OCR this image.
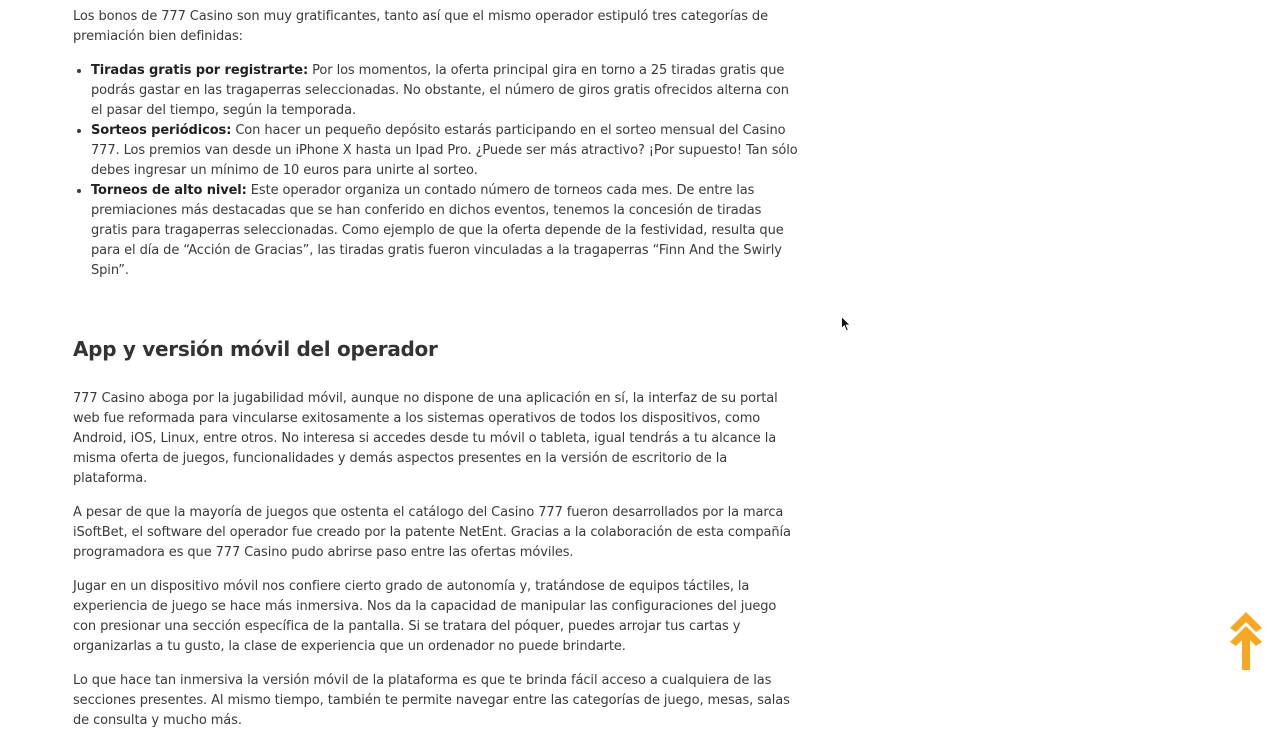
Los bonos de 777 Casino son muy gratificantes, tanto así que el mismo operador estipuló tres categorías de
premiación bien definidas:

• Tiradas gratis por registrarte: Por los momentos, la oferta principal gira en torno a 25 tiradas gratis que podrás gastar en las tragaperras seleccionadas. No obstante, el número de giros gratis ofrecidos alterna con el pasar del tiempo, según la temporada.
• Sorteos periódicos: Con hacer un pequeño depósito estarás participando en el sorteo mensual del Casino 777. Los premios van desde un iPhone X hasta un Ipad Pro. ¿Puede ser más atractivo? ¡Por supuesto! Tan sólo debes ingresar un mínimo de 10 euros para unirte al sorteo.
• Torneos de alto nivel: Este operador organiza un contado número de torneos cada mes. De entre las premiaciones más destacadas que se han conferido en dichos eventos, tenemos la concesión de tiradas gratis para tragaperras seleccionadas. Como ejemplo de que la oferta depende de la festividad, resulta que para el día de “Acción de Gracias”, las tiradas gratis fueron vinculadas a la tragaperras “Finn And the Swirly Spin”.
App y versión móvil del operador

777 Casino aboga por la jugabilidad móvil, aunque no dispone de una aplicación en sí, la interfaz de su portal web fue reformada para vincularse exitosamente a los sistemas operativos de todos los dispositivos, como Android, iOS, Linux, entre otros. No interesa si accedes desde tu móvil o tableta, igual tendrás a tu alcance la misma oferta de juegos, funcionalidades y demás aspectos presentes en la versión de escritorio de la plataforma.

A pesar de que la mayoría de juegos que ostenta el catálogo del Casino 777 fueron desarrollados por la marca iSoftBet, el software del operador fue creado por la patente NetEnt. Gracias a la colaboración de esta compañía programadora es que 777 Casino pudo abrirse paso entre las ofertas móviles.

Jugar en un dispositivo móvil nos confiere cierto grado de autonomía y, tratándose de equipos táctiles, la experiencia de juego se hace más inmersiva. Nos da la capacidad de manipular las configuraciones del juego con presionar una sección específica de la pantalla. Si se tratara del póquer, puedes arrojar tus cartas y organizarlas a tu gusto, la clase de experiencia que un ordenador no puede brindarte.

Lo que hace tan inmersiva la versión móvil de la plataforma es que te brinda fácil acceso a cualquiera de las secciones presentes. Al mismo tiempo, también te permite navegar entre las categorías de juego, mesas, salas de consulta y mucho más.
